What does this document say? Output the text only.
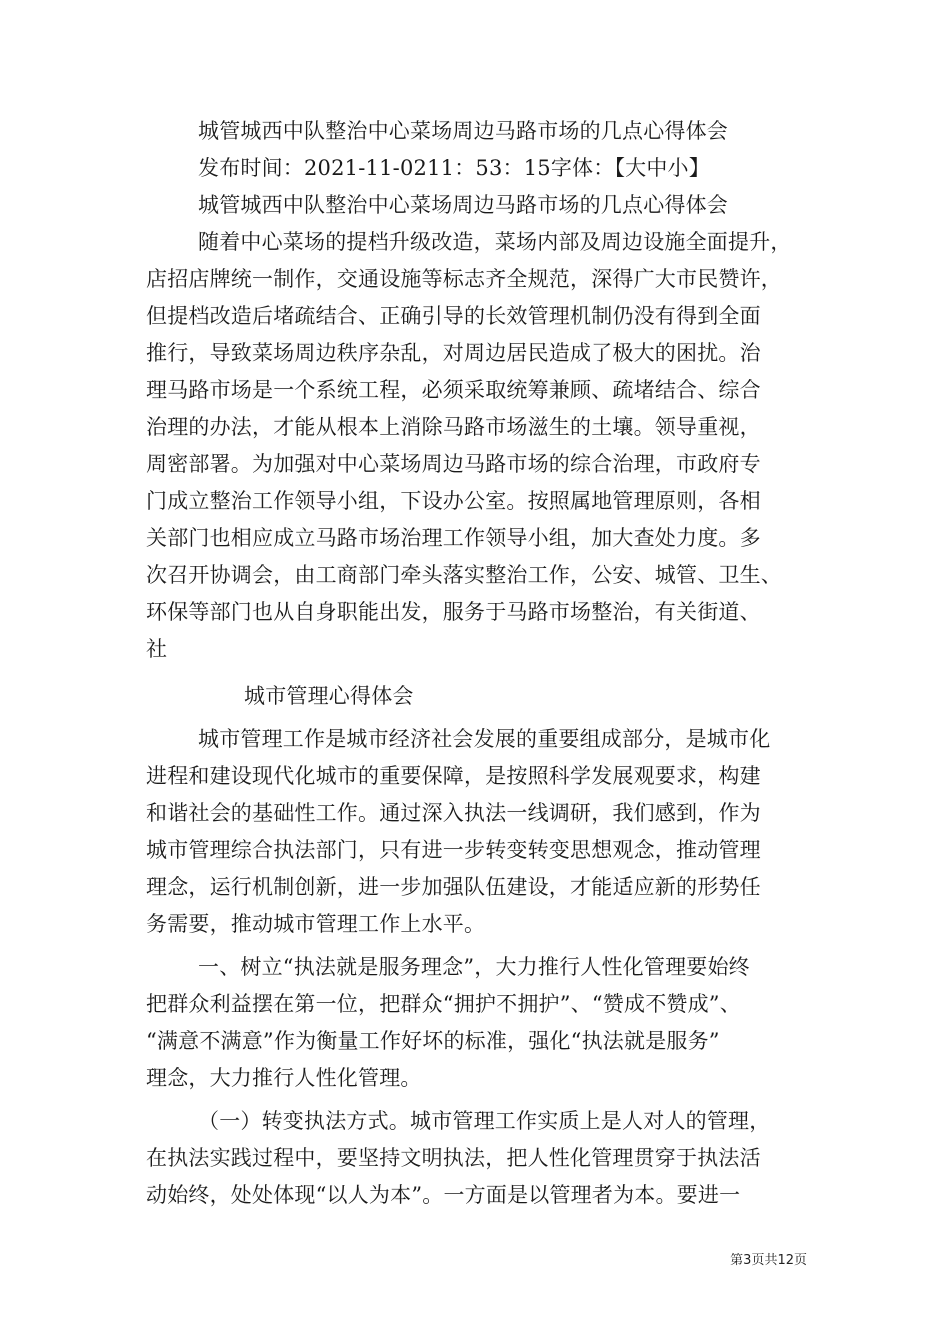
城管城西中队整治中心菜场周边马路市场的几点心得体会
发布时间：2021-11-0211：53：15字体：【大中小】
城管城西中队整治中心菜场周边马路市场的几点心得体会
随着中心菜场的提档升级改造，菜场内部及周边设施全面提升，
店招店牌统一制作，交通设施等标志齐全规范，深得广大市民赞许，
但提档改造后堵疏结合、正确引导的长效管理机制仍没有得到全面
推行，导致菜场周边秩序杂乱，对周边居民造成了极大的困扰。治
理马路市场是一个系统工程，必须采取统筹兼顾、疏堵结合、综合
治理的办法，才能从根本上消除马路市场滋生的土壤。领导重视，
周密部署。为加强对中心菜场周边马路市场的综合治理，市政府专
门成立整治工作领导小组，下设办公室。按照属地管理原则，各相
关部门也相应成立马路市场治理工作领导小组，加大查处力度。多
次召开协调会，由工商部门牵头落实整治工作，公安、城管、卫生、
环保等部门也从自身职能出发，服务于马路市场整治，有关街道、
社
城市管理心得体会
城市管理工作是城市经济社会发展的重要组成部分，是城市化
进程和建设现代化城市的重要保障，是按照科学发展观要求，构建
和谐社会的基础性工作。通过深入执法一线调研，我们感到，作为
城市管理综合执法部门，只有进一步转变转变思想观念，推动管理
理念，运行机制创新，进一步加强队伍建设，才能适应新的形势任
务需要，推动城市管理工作上水平。
一、树立“执法就是服务理念”，大力推行人性化管理要始终
把群众利益摆在第一位，把群众“拥护不拥护”、“赞成不赞成”、
“满意不满意”作为衡量工作好坏的标准，强化“执法就是服务”
理念，大力推行人性化管理。
（一）转变执法方式。城市管理工作实质上是人对人的管理，
在执法实践过程中，要坚持文明执法，把人性化管理贯穿于执法活
动始终，处处体现“以人为本”。一方面是以管理者为本。要进一
第3页共12页
